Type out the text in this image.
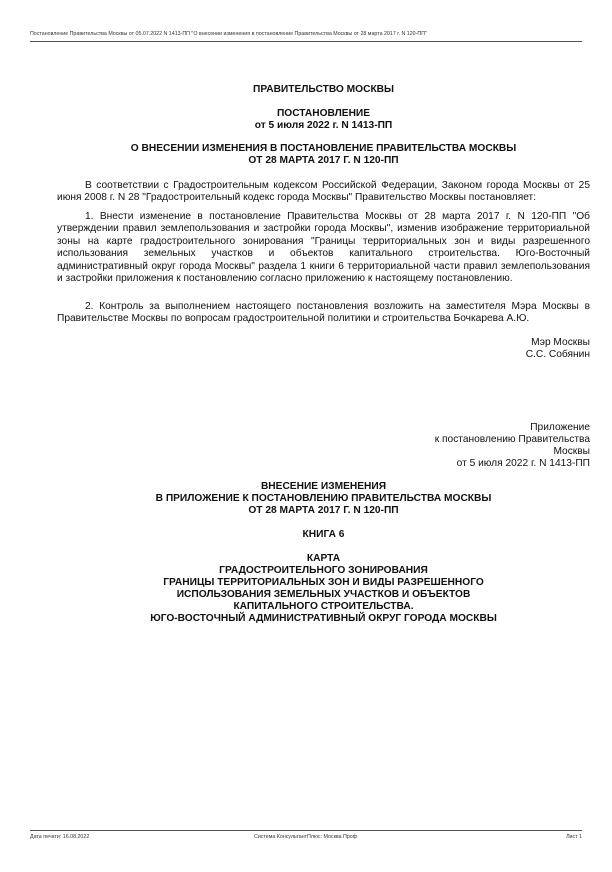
Постановление Правительства Москвы от 05.07.2022 N 1413-ПП "О внесении изменения в постановление Правительства Москвы от 28 марта 2017 г. N 120-ПП"
ПРАВИТЕЛЬСТВО МОСКВЫ
ПОСТАНОВЛЕНИЕ
от 5 июля 2022 г. N 1413-ПП
О ВНЕСЕНИИ ИЗМЕНЕНИЯ В ПОСТАНОВЛЕНИЕ ПРАВИТЕЛЬСТВА МОСКВЫ
ОТ 28 МАРТА 2017 Г. N 120-ПП
В соответствии с Градостроительным кодексом Российской Федерации, Законом города Москвы от 25 июня 2008 г. N 28 "Градостроительный кодекс города Москвы" Правительство Москвы постановляет:
1. Внести изменение в постановление Правительства Москвы от 28 марта 2017 г. N 120-ПП "Об утверждении правил землепользования и застройки города Москвы", изменив изображение территориальной зоны на карте градостроительного зонирования "Границы территориальных зон и виды разрешенного использования земельных участков и объектов капитального строительства. Юго-Восточный административный округ города Москвы" раздела 1 книги 6 территориальной части правил землепользования и застройки приложения к постановлению согласно приложению к настоящему постановлению.
2. Контроль за выполнением настоящего постановления возложить на заместителя Мэра Москвы в Правительстве Москвы по вопросам градостроительной политики и строительства Бочкарева А.Ю.
Мэр Москвы
С.С. Собянин
Приложение
к постановлению Правительства
Москвы
от 5 июля 2022 г. N 1413-ПП
ВНЕСЕНИЕ ИЗМЕНЕНИЯ
В ПРИЛОЖЕНИЕ К ПОСТАНОВЛЕНИЮ ПРАВИТЕЛЬСТВА МОСКВЫ
ОТ 28 МАРТА 2017 Г. N 120-ПП
КНИГА 6
КАРТА
ГРАДОСТРОИТЕЛЬНОГО ЗОНИРОВАНИЯ
ГРАНИЦЫ ТЕРРИТОРИАЛЬНЫХ ЗОН И ВИДЫ РАЗРЕШЕННОГО
ИСПОЛЬЗОВАНИЯ ЗЕМЕЛЬНЫХ УЧАСТКОВ И ОБЪЕКТОВ
КАПИТАЛЬНОГО СТРОИТЕЛЬСТВА.
ЮГО-ВОСТОЧНЫЙ АДМИНИСТРАТИВНЫЙ ОКРУГ ГОРОДА МОСКВЫ
Дата печати: 16.08.2022	Система КонсультантПлюс: Москва Проф	Лист 1
